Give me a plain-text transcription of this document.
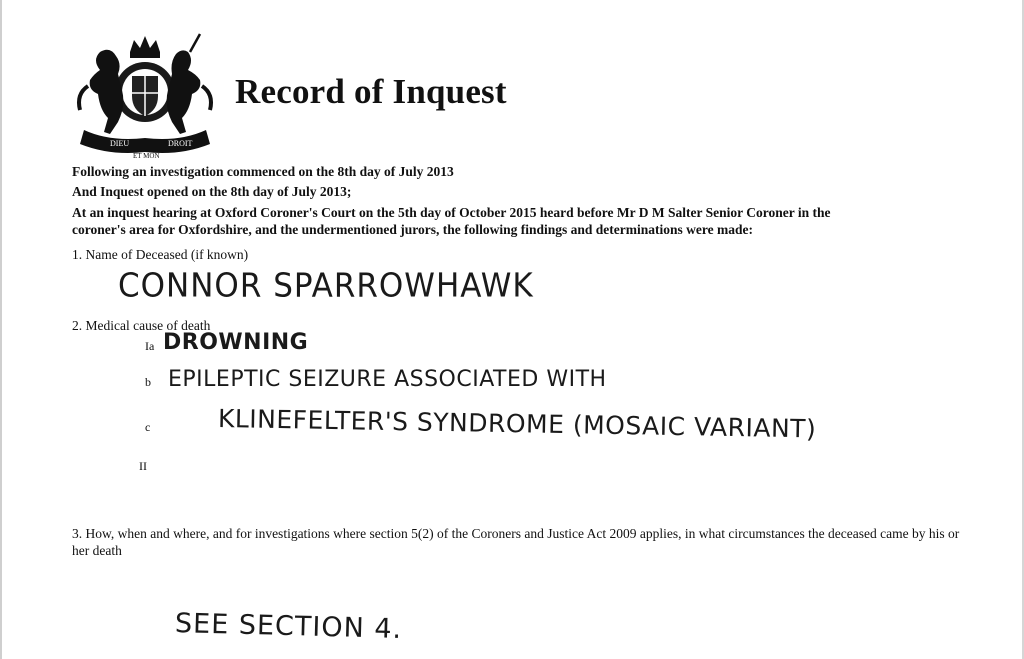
DIEU	DROIT
ET MON
Record of Inquest
Following an investigation commenced on the 8th day of July 2013
And Inquest opened on the 8th day of July 2013;
At an inquest hearing at Oxford Coroner's Court on the 5th day of October 2015 heard before Mr D M Salter Senior Coroner in the
coroner's area for Oxfordshire, and the undermentioned jurors, the following findings and determinations were made:
1. Name of Deceased (if known)
CONNOR SPARROWHAWK
2. Medical cause of death
Ia DROWNING
b EPILEPTIC SEIZURE ASSOCIATED WITH
c	KLINEFELTER'S SYNDROME (MOSAIC VARIANT)
II
3. How, when and where, and for investigations where section 5(2) of the Coroners and Justice Act 2009 applies, in what circumstances the deceased came by his or her death
SEE SECTION 4.
